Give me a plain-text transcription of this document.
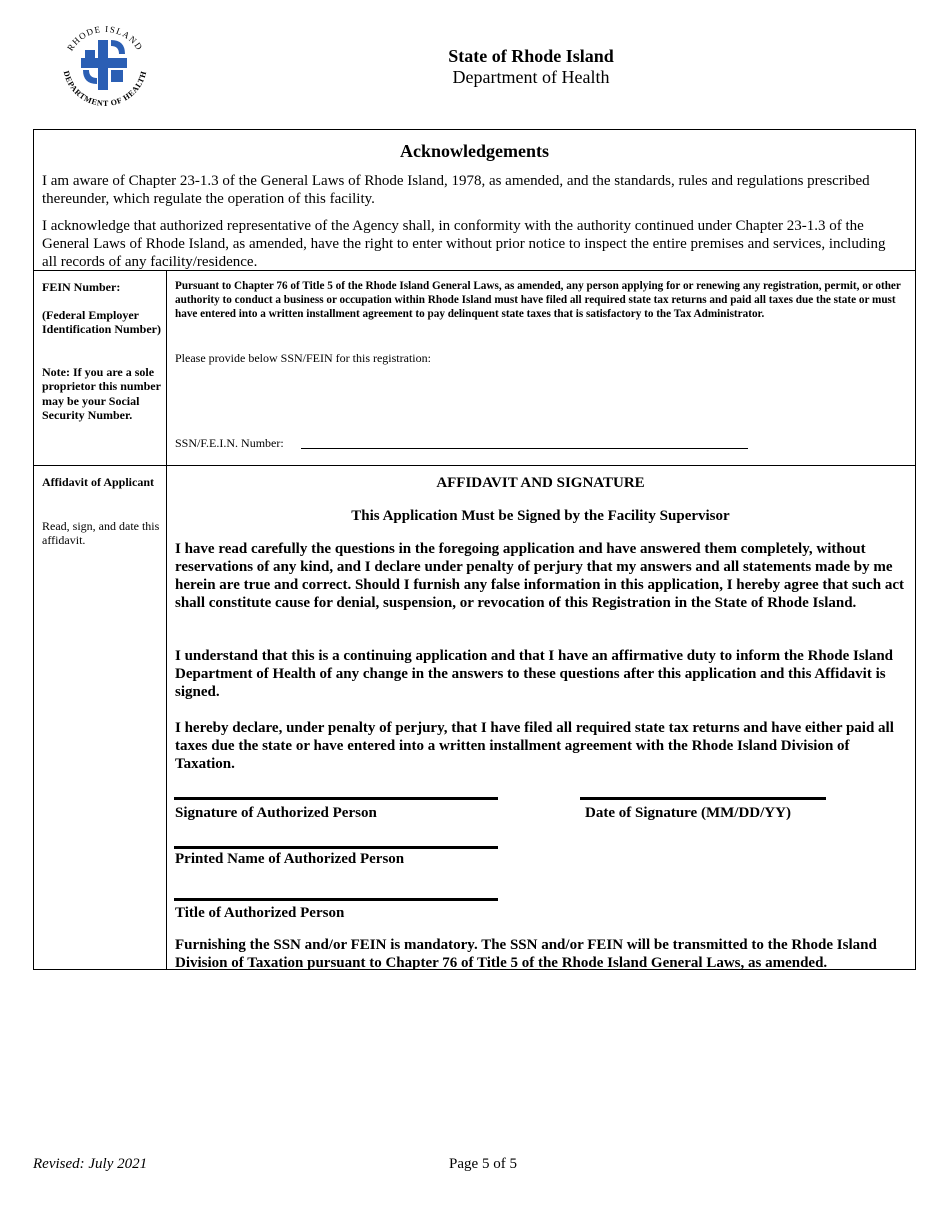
RHODE ISLAND
DEPARTMENT OF HEALTH
State of Rhode Island
Department of Health
Acknowledgements

I am aware of Chapter 23-1.3 of the General Laws of Rhode Island, 1978, as amended, and the standards, rules and regulations prescribed thereunder, which regulate the operation of this facility.

I acknowledge that authorized representative of the Agency shall, in conformity with the authority continued under Chapter 23-1.3 of the General Laws of Rhode Island, as amended, have the right to enter without prior notice to inspect the entire premises and services, including all records of any facility/residence.

FEIN Number:
(Federal Employer Identification Number)
Note: If you are a sole proprietor this number may be your Social Security Number.
Pursuant to Chapter 76 of Title 5 of the Rhode Island General Laws, as amended, any person applying for or renewing any registration, permit, or other authority to conduct a business or occupation within Rhode Island must have filed all required state tax returns and paid all taxes due the state or must have entered into a written installment agreement to pay delinquent state taxes that is satisfactory to the Tax Administrator.
Please provide below SSN/FEIN for this registration:
SSN/F.E.I.N. Number:
Affidavit of Applicant
Read, sign, and date this affidavit.
AFFIDAVIT AND SIGNATURE
This Application Must be Signed by the Facility Supervisor

I have read carefully the questions in the foregoing application and have answered them completely, without reservations of any kind, and I declare under penalty of perjury that my answers and all statements made by me herein are true and correct. Should I furnish any false information in this application, I hereby agree that such act shall constitute cause for denial, suspension, or revocation of this Registration in the State of Rhode Island.

I understand that this is a continuing application and that I have an affirmative duty to inform the Rhode Island Department of Health of any change in the answers to these questions after this application and this Affidavit is signed.

I hereby declare, under penalty of perjury, that I have filed all required state tax returns and have either paid all taxes due the state or have entered into a written installment agreement with the Rhode Island Division of Taxation.

Signature of Authorized Person	Date of Signature (MM/DD/YY)
Printed Name of Authorized Person
Title of Authorized Person

Furnishing the SSN and/or FEIN is mandatory. The SSN and/or FEIN will be transmitted to the Rhode Island Division of Taxation pursuant to Chapter 76 of Title 5 of the Rhode Island General Laws, as amended.

Revised: July 2021	Page 5 of 5
